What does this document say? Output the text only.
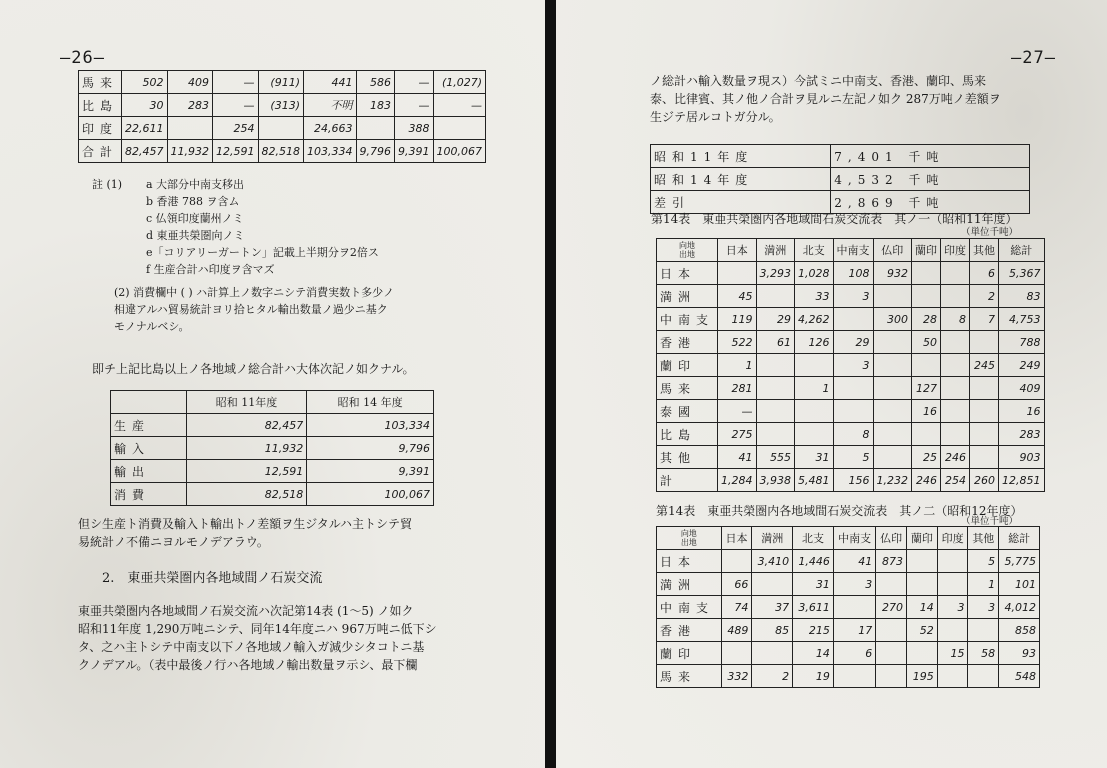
—26—
馬来	502	409	—	(911)	441	586	—	(1,027)
比島	30	283	—	(313)	不明	183	—	—
印度	22,611		254		24,663		388	
合計	82,457	11,932	12,591	82,518	103,334	9,796	9,391	100,067
註 (1) a 大部分中南支移出
b 香港 788 ヲ含ム
c 仏領印度蘭州ノミ
d 東亜共榮圏向ノミ
e「コリアリーガートン」記載上半期分ヲ2倍ス
f 生産合計ハ印度ヲ含マズ
(2) 消費欄中 ( ) ハ計算上ノ数字ニシテ消費実数ト多少ノ
相違アルハ貿易統計ヨリ拾ヒタル輸出数量ノ過少ニ基ク
モノナルベシ。
即チ上記比島以上ノ各地域ノ総合計ハ大体次記ノ如クナル。
	昭和 11年度	昭和 14 年度
生産	82,457	103,334
輸入	11,932	9,796
輸出	12,591	9,391
消費	82,518	100,067
但シ生産ト消費及輸入ト輸出トノ差額ヲ生ジタルハ主トシテ貿
易統計ノ不備ニヨルモノデアラウ。
2.　東亜共榮圏内各地域間ノ石炭交流
東亜共榮圏内各地域間ノ石炭交流ハ次記第14表 (1〜5) ノ如ク
昭和11年度 1,290万吨ニシテ、同年14年度ニハ 967万吨ニ低下シ
タ、之ハ主トシテ中南支以下ノ各地域ノ輸入ガ減少シタコトニ基
クノデアル。（表中最後ノ行ハ各地域ノ輸出数量ヲ示シ、最下欄
—27—
ノ総計ハ輸入数量ヲ現ス）今試ミニ中南支、香港、蘭印、馬来
泰、比律賓、其ノ他ノ合計ヲ見ルニ左記ノ如ク 287万吨ノ差額ヲ
生ジテ居ルコトガ分ル。
昭和11年度	7,401 千吨
昭和14年度	4,532 千吨
差引	2,869 千吨
第14表　東亜共榮圏内各地域間石炭交流表　其ノ一（昭和11年度）
（単位千吨）
向地
出地	日本	満洲	北支	中南支	仏印	蘭印	印度	其他	総計
日本		3,293	1,028	108	932			6	5,367
満洲	45		33	3				2	83
中南支	119	29	4,262		300	28	8	7	4,753
香港	522	61	126	29		50			788
蘭印	1			3				245	249
馬来	281		1			127			409
泰國	—					16			16
比島	275			8					283
其他	41	555	31	5		25	246		903
計	1,284	3,938	5,481	156	1,232	246	254	260	12,851
第14表　東亜共榮圏内各地域間石炭交流表　其ノ二（昭和12年度）
（単位千吨）
向地
出地	日本	満洲	北支	中南支	仏印	蘭印	印度	其他	総計
日本		3,410	1,446	41	873			5	5,775
満洲	66		31	3				1	101
中南支	74	37	3,611		270	14	3	3	4,012
香港	489	85	215	17		52			858
蘭印			14	6			15	58	93
馬来	332	2	19			195			548
